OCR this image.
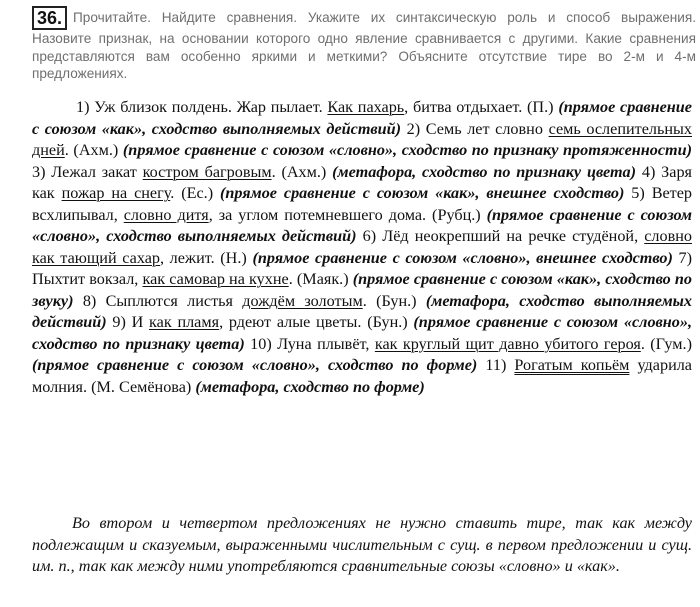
36. Прочитайте. Найдите сравнения. Укажите их синтаксическую роль и способ выражения. Назовите признак, на основании которого одно явление сравнивается с другими. Какие сравнения представляются вам особенно яркими и меткими? Объясните отсутствие тире во 2-м и 4-м предложениях.

1) Уж близок полдень. Жар пылает. Как пахарь, битва отдыхает. (П.) (прямое сравнение с союзом «как», сходство выполняемых действий) 2) Семь лет словно семь ослепительных дней. (Ахм.) (прямое сравнение с союзом «словно», сходство по признаку протяженности) 3) Лежал закат костром багровым. (Ахм.) (метафора, сходство по признаку цвета) 4) Заря как пожар на снегу. (Ес.) (прямое сравнение с союзом «как», внешнее сходство) 5) Ветер всхлипывал, словно дитя, за углом потемневшего дома. (Рубц.) (прямое сравнение с союзом «словно», сходство выполняемых действий) 6) Лёд неокрепший на речке студёной, словно как тающий сахар, лежит. (Н.) (прямое сравнение с союзом «словно», внешнее сходство) 7) Пыхтит вокзал, как самовар на кухне. (Маяк.) (прямое сравнение с союзом «как», сходство по звуку) 8) Сыплются листья дождём золотым. (Бун.) (метафора, сходство выполняемых действий) 9) И как пламя, рдеют алые цветы. (Бун.) (прямое сравнение с союзом «словно», сходство по признаку цвета) 10) Луна плывёт, как круглый щит давно убитого героя. (Гум.) (прямое сравнение с союзом «словно», сходство по форме) 11) Рогатым копьём ударила молния. (М. Семёнова) (метафора, сходство по форме)

Во втором и четвертом предложениях не нужно ставить тире, так как между подлежащим и сказуемым, выраженными числительным с сущ. в первом предложении и сущ. им. п., так как между ними употребляются сравнительные союзы «словно» и «как».
